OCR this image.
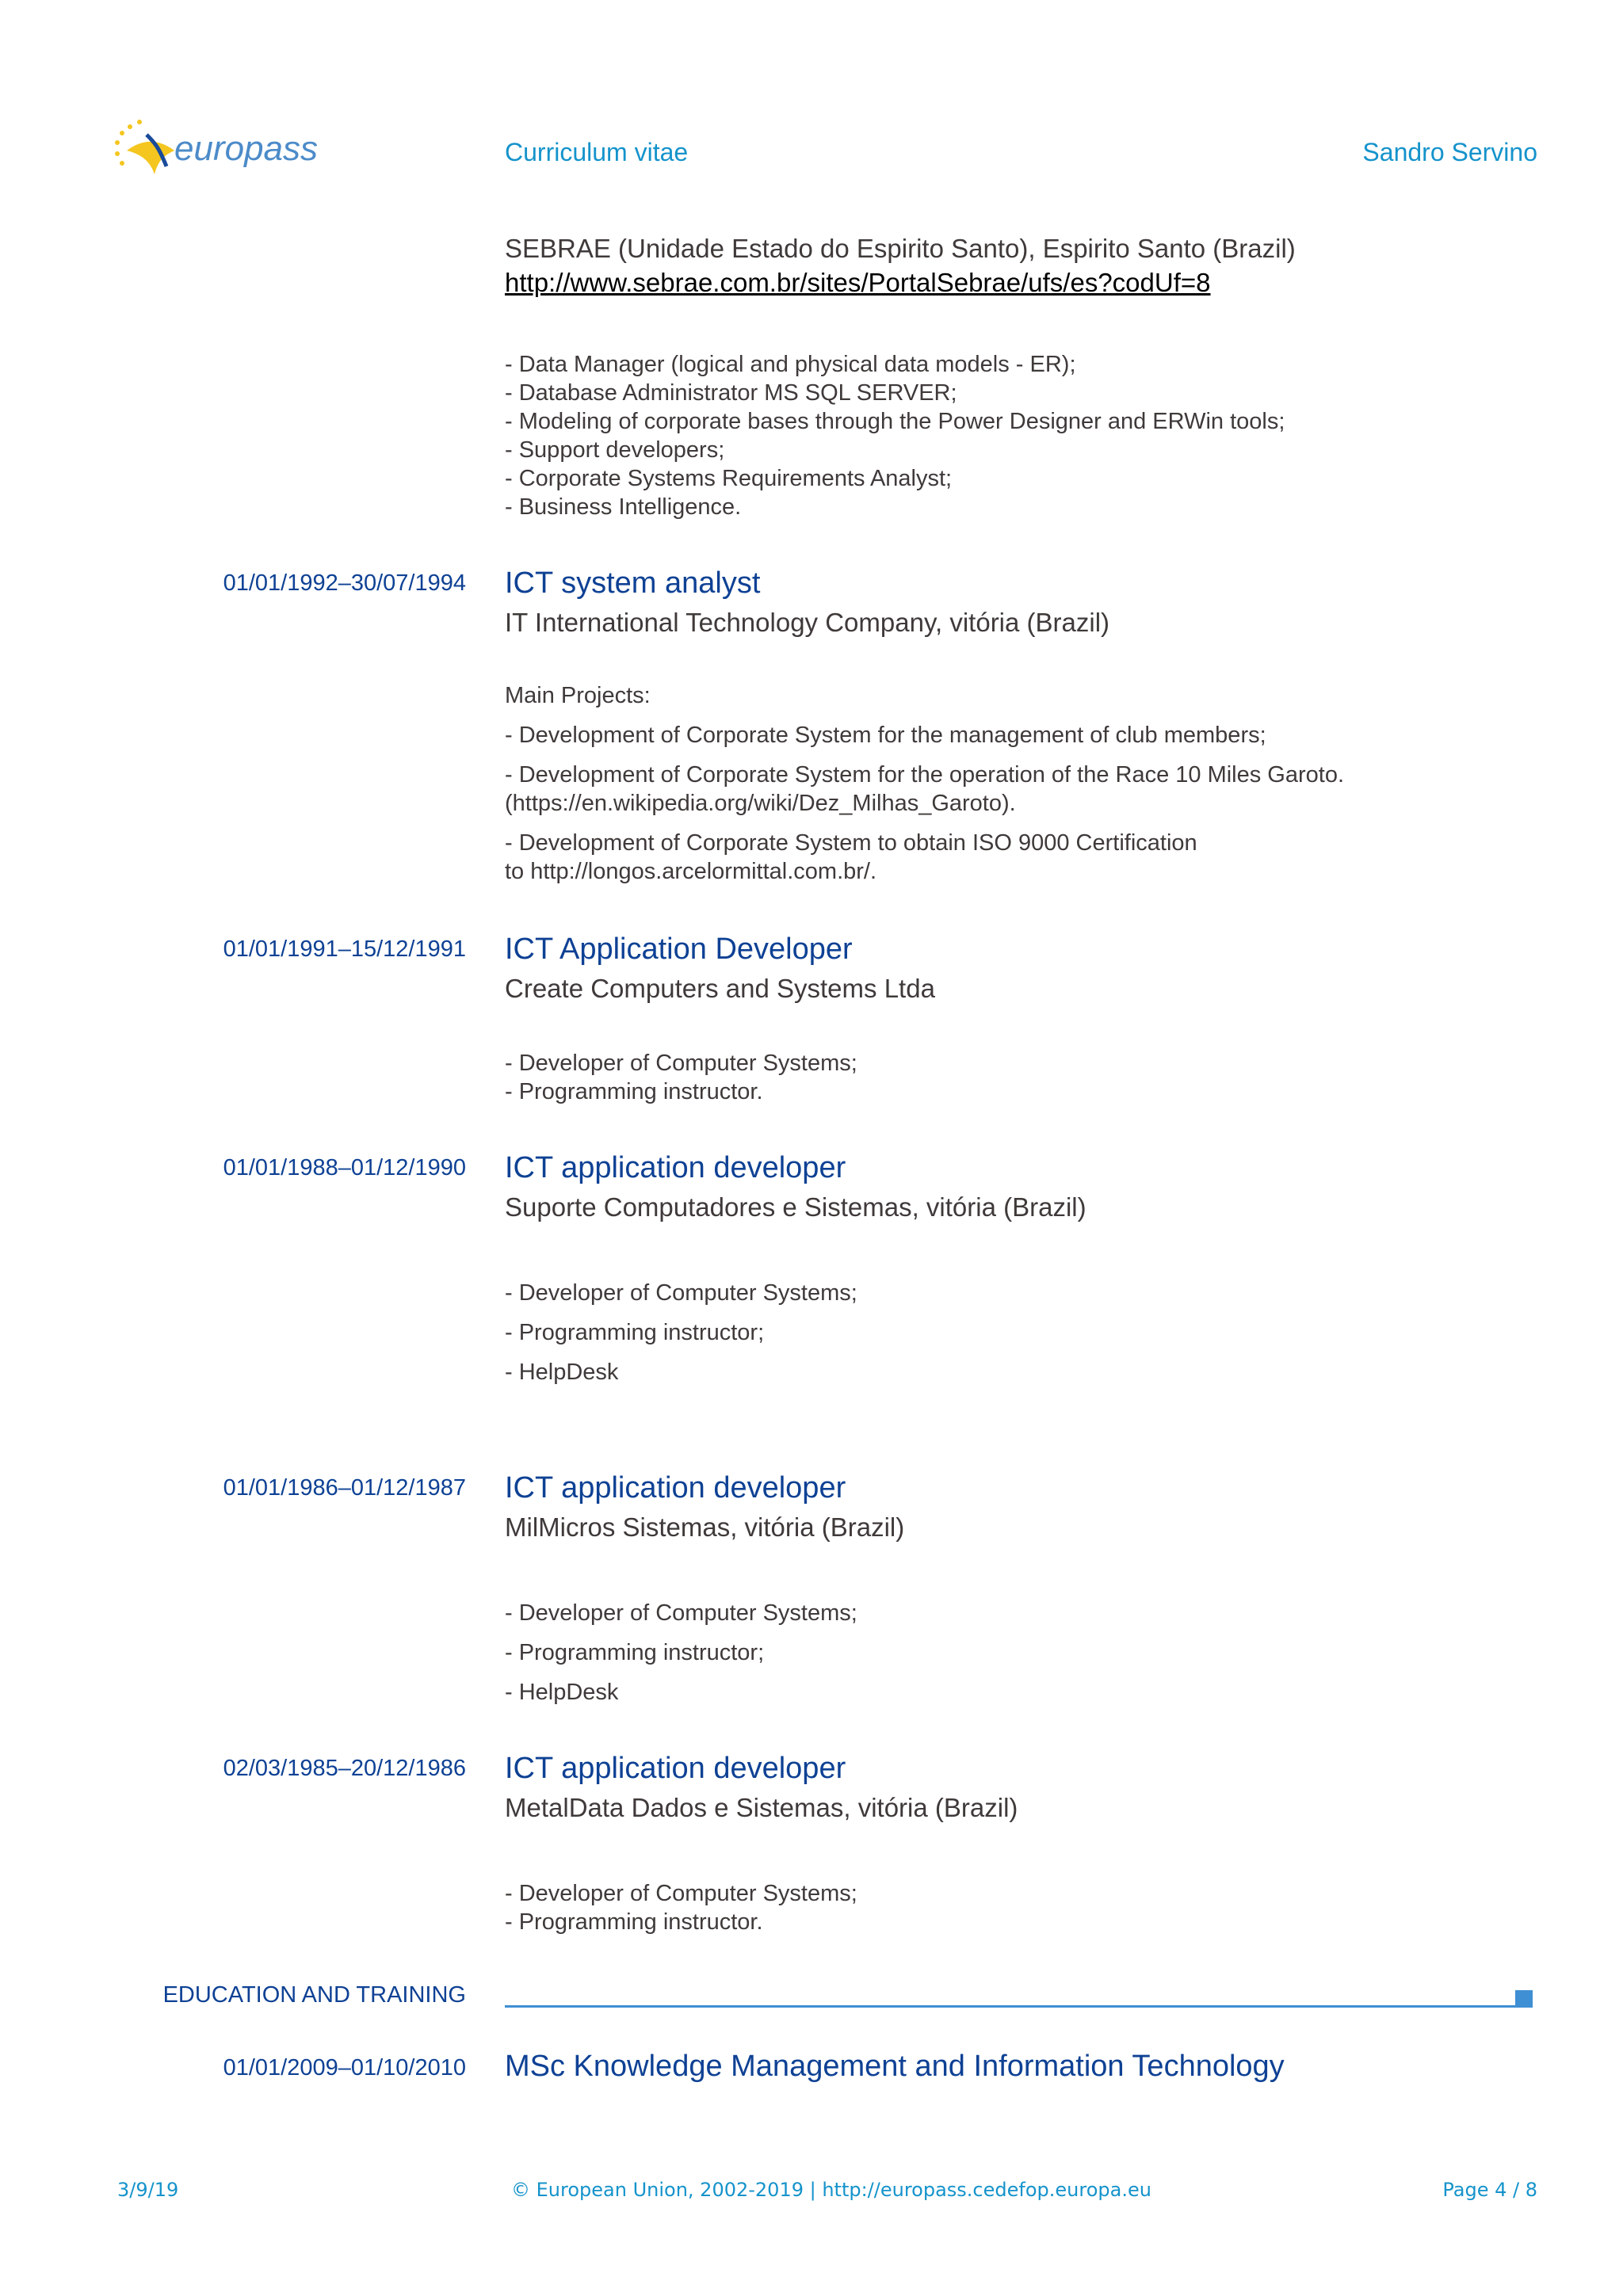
europass	Curriculum vitae	Sandro Servino
SEBRAE (Unidade Estado do Espirito Santo), Espirito Santo (Brazil)
http://www.sebrae.com.br/sites/PortalSebrae/ufs/es?codUf=8
- Data Manager (logical and physical data models - ER);
- Database Administrator MS SQL SERVER;
- Modeling of corporate bases through the Power Designer and ERWin tools;
- Support developers;
- Corporate Systems Requirements Analyst;
- Business Intelligence.
01/01/1992–30/07/1994 ICT system analyst
IT International Technology Company, vitória (Brazil)
Main Projects:
- Development of Corporate System for the management of club members;
- Development of Corporate System for the operation of the Race 10 Miles Garoto.
(https://en.wikipedia.org/wiki/Dez_Milhas_Garoto).
- Development of Corporate System to obtain ISO 9000 Certification
to http://longos.arcelormittal.com.br/.
01/01/1991–15/12/1991 ICT Application Developer
Create Computers and Systems Ltda
- Developer of Computer Systems;
- Programming instructor.
01/01/1988–01/12/1990 ICT application developer
Suporte Computadores e Sistemas, vitória (Brazil)
- Developer of Computer Systems;
- Programming instructor;
- HelpDesk
01/01/1986–01/12/1987 ICT application developer
MilMicros Sistemas, vitória (Brazil)
- Developer of Computer Systems;
- Programming instructor;
- HelpDesk
02/03/1985–20/12/1986 ICT application developer
MetalData Dados e Sistemas, vitória (Brazil)
- Developer of Computer Systems;
- Programming instructor.
EDUCATION AND TRAINING
01/01/2009–01/10/2010 MSc Knowledge Management and Information Technology
3/9/19	© European Union, 2002-2019 | http://europass.cedefop.europa.eu	Page 4 / 8
